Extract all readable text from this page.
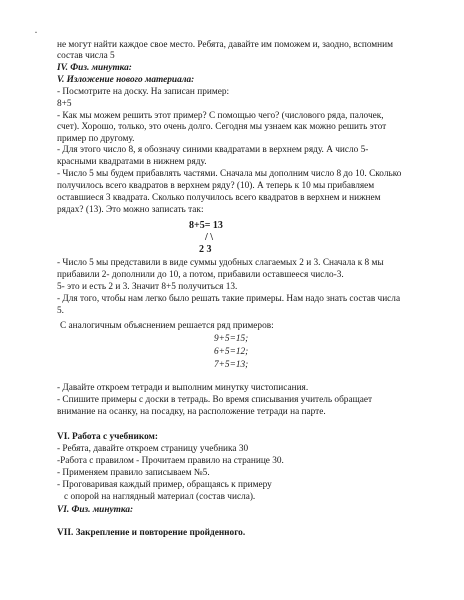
·
не могут найти каждое свое место. Ребята, давайте им поможем и, заодно, вспомним
состав числа 5
IV. Физ. минутка:
V. Изложение нового материала:
- Посмотрите на доску. На записан пример:
8+5
- Как мы можем решить этот пример? С помощью чего? (числового ряда, палочек,
счет). Хорошо, только, это очень долго. Сегодня мы узнаем как можно решить этот
пример по другому.
- Для этого число 8, я обозначу синими квадратами в верхнем ряду. А число 5-
красными квадратами в нижнем ряду.
- Число 5 мы будем прибавлять частями. Сначала мы дополним число 8 до 10. Сколько
получилось всего квадратов в верхнем ряду? (10). А теперь к 10 мы прибавляем
оставшиеся 3 квадрата. Сколько получилось всего квадратов в верхнем и нижнем
рядах? (13). Это можно записать так:
8+5= 13
/ \
2 3
- Число 5 мы представили в виде суммы удобных слагаемых 2 и 3. Сначала к 8 мы
прибавили 2- дополнили до 10, а потом, прибавили оставшееся число-3.
5- это и есть 2 и 3. Значит 8+5 получиться 13.
- Для того, чтобы нам легко было решать такие примеры. Нам надо знать состав числа
5.
С аналогичным объяснением решается ряд примеров:
9+5=15;
6+5=12;
7+5=13;
- Давайте откроем тетради и выполним минутку чистописания.
- Спишите примеры с доски в тетрадь. Во время списывания учитель обращает
внимание на осанку, на посадку, на расположение тетради на парте.
VI. Работа с учебником:
- Ребята, давайте откроем страницу учебника 30
-Работа с правилом - Прочитаем правило на странице 30.
- Применяем правило записываем №5.
- Проговаривая каждый пример, обращаясь к примеру
с опорой на наглядный материал (состав числа).
VI. Физ. минутка:
VII. Закрепление и повторение пройденного.
